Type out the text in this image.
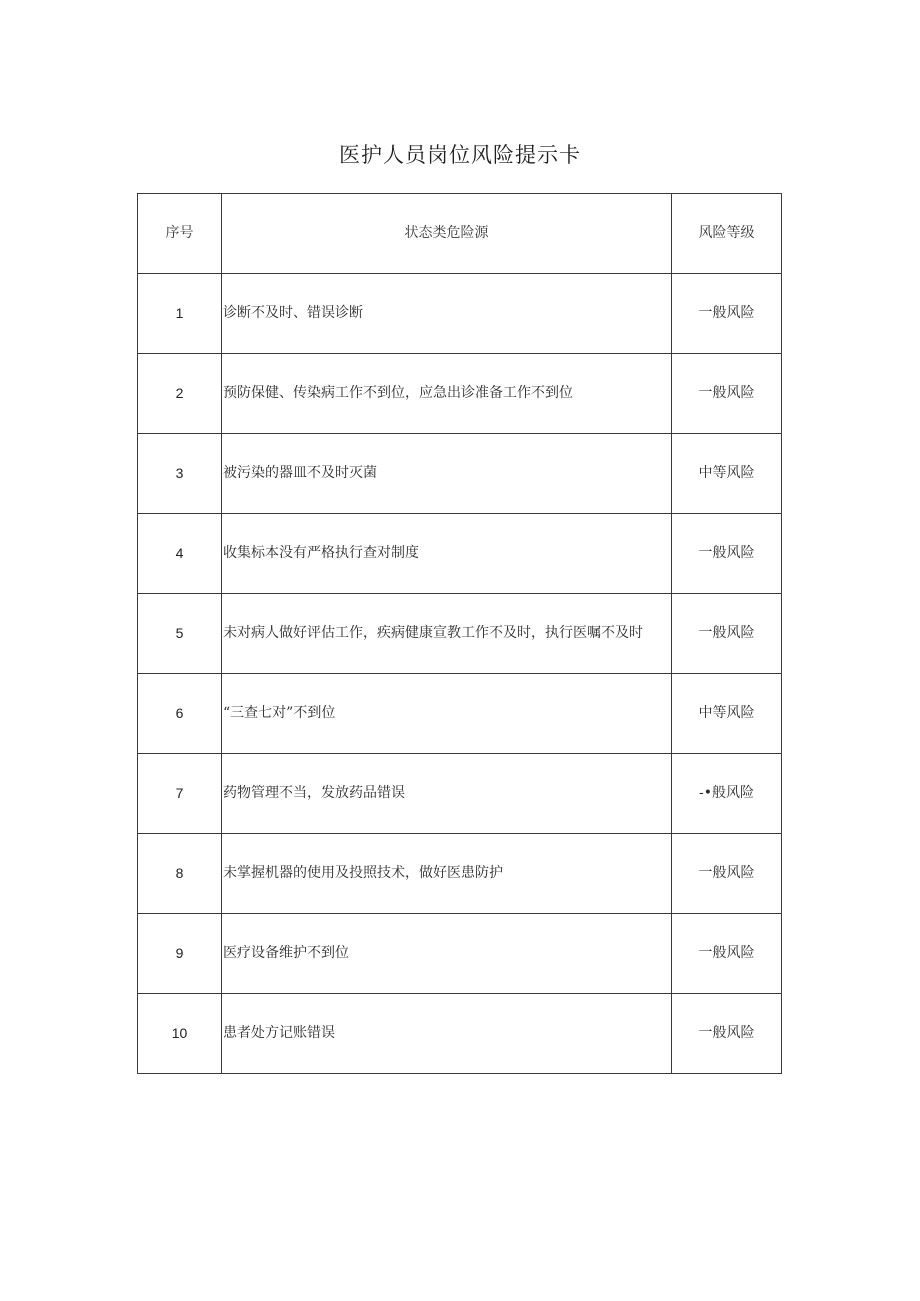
医护人员岗位风险提示卡
序号	状态类危险源	风险等级
1	诊断不及时、错误诊断	一般风险
2	预防保健、传染病工作不到位，应急出诊准备工作不到位	一般风险
3	被污染的器皿不及时灭菌	中等风险
4	收集标本没有严格执行查对制度	一般风险
5	未对病人做好评估工作，疾病健康宣教工作不及时，执行医嘱不及时	一般风险
6	“三查七对”不到位	中等风险
7	药物管理不当，发放药品错误	-•般风险
8	未掌握机器的使用及投照技术，做好医患防护	一般风险
9	医疗设备维护不到位	一般风险
10	患者处方记账错误	一般风险
